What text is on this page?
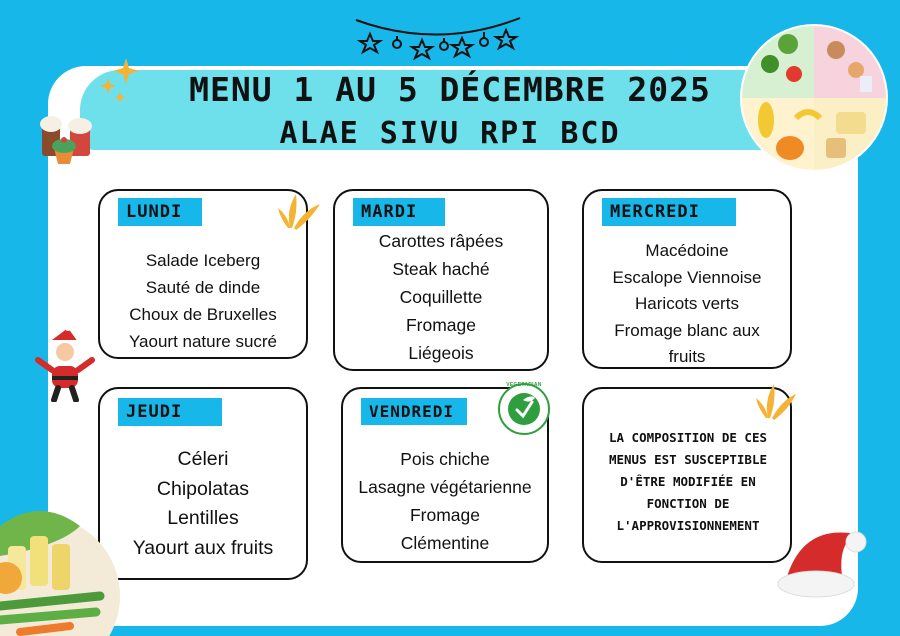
MENU 1 AU 5 DÉCEMBRE 2025
ALAE SIVU RPI BCD
LUNDI
Salade Iceberg
Sauté de dinde
Choux de Bruxelles
Yaourt nature sucré
MARDI
Carottes râpées
Steak haché
Coquillette
Fromage
Liégeois
MERCREDI
Macédoine
Escalope Viennoise
Haricots verts
Fromage blanc aux
fruits
JEUDI
Céleri
Chipolatas
Lentilles
Yaourt aux fruits
VENDREDI
Pois chiche
Lasagne végétarienne
Fromage
Clémentine
VEGETARIAN
LA COMPOSITION DE CES
MENUS EST SUSCEPTIBLE
D'ÊTRE MODIFIÉE EN
FONCTION DE
L'APPROVISIONNEMENT
